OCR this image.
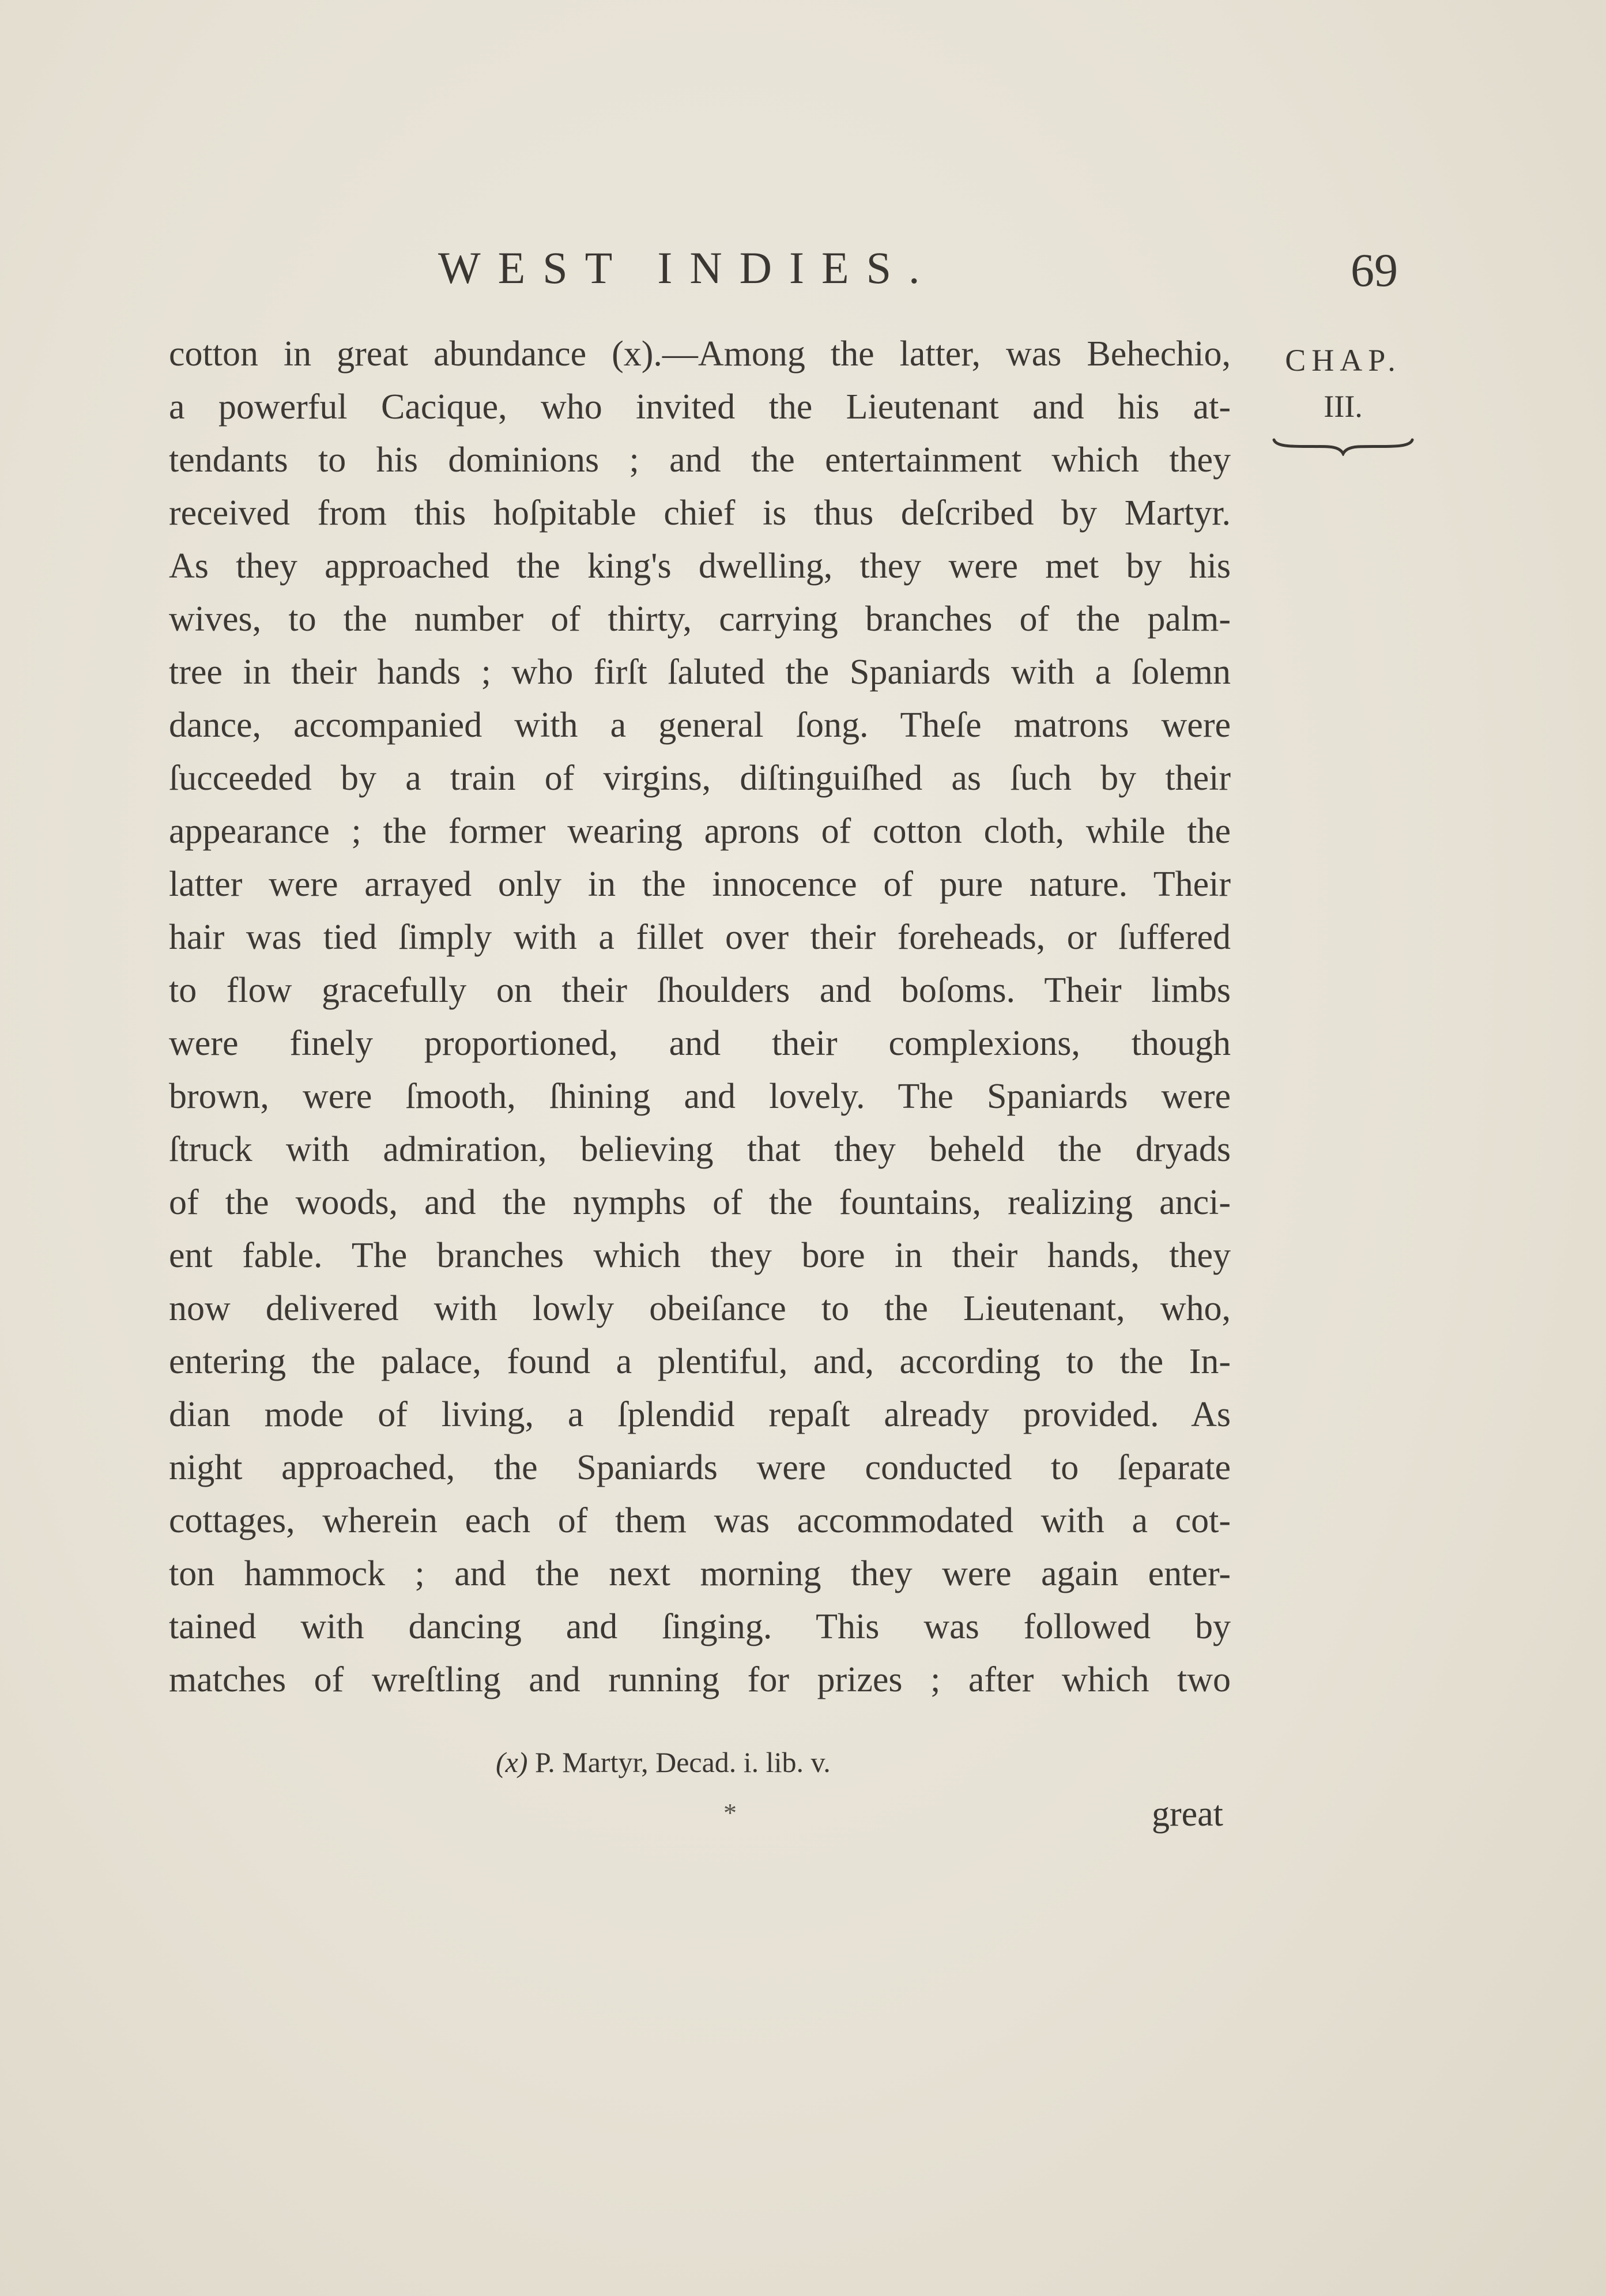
WEST INDIES.	69
cotton in great abundance (x).—Among the latter, was Behechio,
a powerful Cacique, who invited the Lieutenant and his at-
tendants to his dominions ; and the entertainment which they
received from this hoſpitable chief is thus deſcribed by Martyr.
As they approached the king's dwelling, they were met by his
wives, to the number of thirty, carrying branches of the palm-
tree in their hands ; who firſt ſaluted the Spaniards with a ſolemn
dance, accompanied with a general ſong. Theſe matrons were
ſucceeded by a train of virgins, diſtinguiſhed as ſuch by their
appearance ; the former wearing aprons of cotton cloth, while the
latter were arrayed only in the innocence of pure nature. Their
hair was tied ſimply with a fillet over their foreheads, or ſuffered
to flow gracefully on their ſhoulders and boſoms. Their limbs
were finely proportioned, and their complexions, though
brown, were ſmooth, ſhining and lovely. The Spaniards were
ſtruck with admiration, believing that they beheld the dryads
of the woods, and the nymphs of the fountains, realizing anci-
ent fable. The branches which they bore in their hands, they
now delivered with lowly obeiſance to the Lieutenant, who,
entering the palace, found a plentiful, and, according to the In-
dian mode of living, a ſplendid repaſt already provided. As
night approached, the Spaniards were conducted to ſeparate
cottages, wherein each of them was accommodated with a cot-
ton hammock ; and the next morning they were again enter-
tained with dancing and ſinging. This was followed by
matches of wreſtling and running for prizes ; after which two
CHAP.
III.
(x) P. Martyr, Decad. i. lib. v.
*	great
